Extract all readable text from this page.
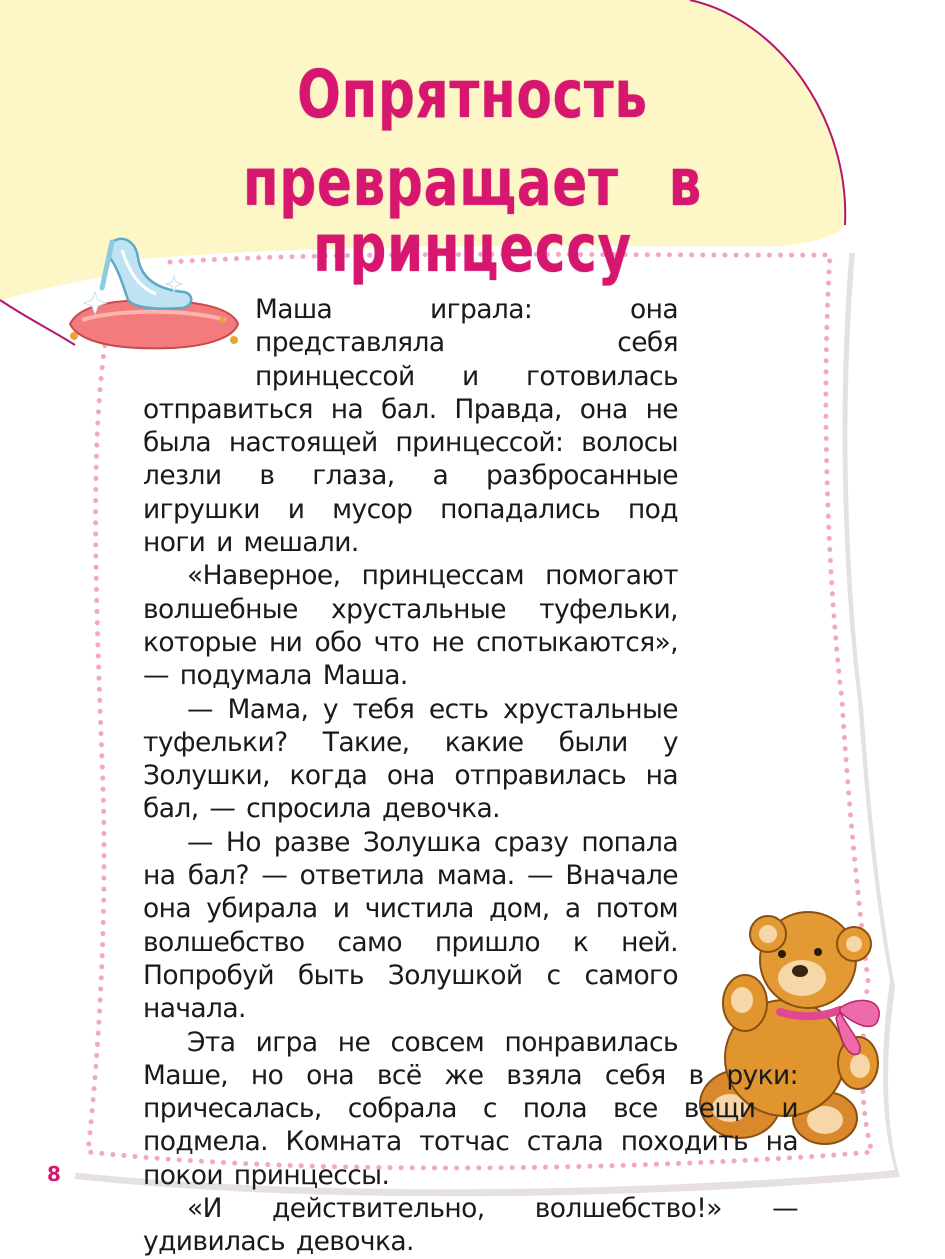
Опрятность
превращает в принцессу

Маша играла: она представляла себя принцессой и готовилась отправиться на бал. Правда, она не была настоящей принцессой: волосы лезли в глаза, а разбросанные игрушки и мусор попадались под ноги и мешали.

«Наверное, принцессам помогают волшебные хрустальные туфельки, которые ни обо что не спотыкаются», — подумала Маша.

— Мама, у тебя есть хрустальные туфельки? Такие, какие были у Золушки, когда она отправилась на бал, — спросила девочка.

— Но разве Золушка сразу попала на бал? — ответила мама. — Вначале она убирала и чистила дом, а потом волшебство само пришло к ней. Попробуй быть Золушкой с самого начала.

Эта игра не совсем понравилась Маше, но она всё же взяла себя в руки: причесалась, собрала с пола все вещи и подмела. Комната тотчас стала походить на покои принцессы.

«И действительно, волшебство!» — удивилась девочка.

8
